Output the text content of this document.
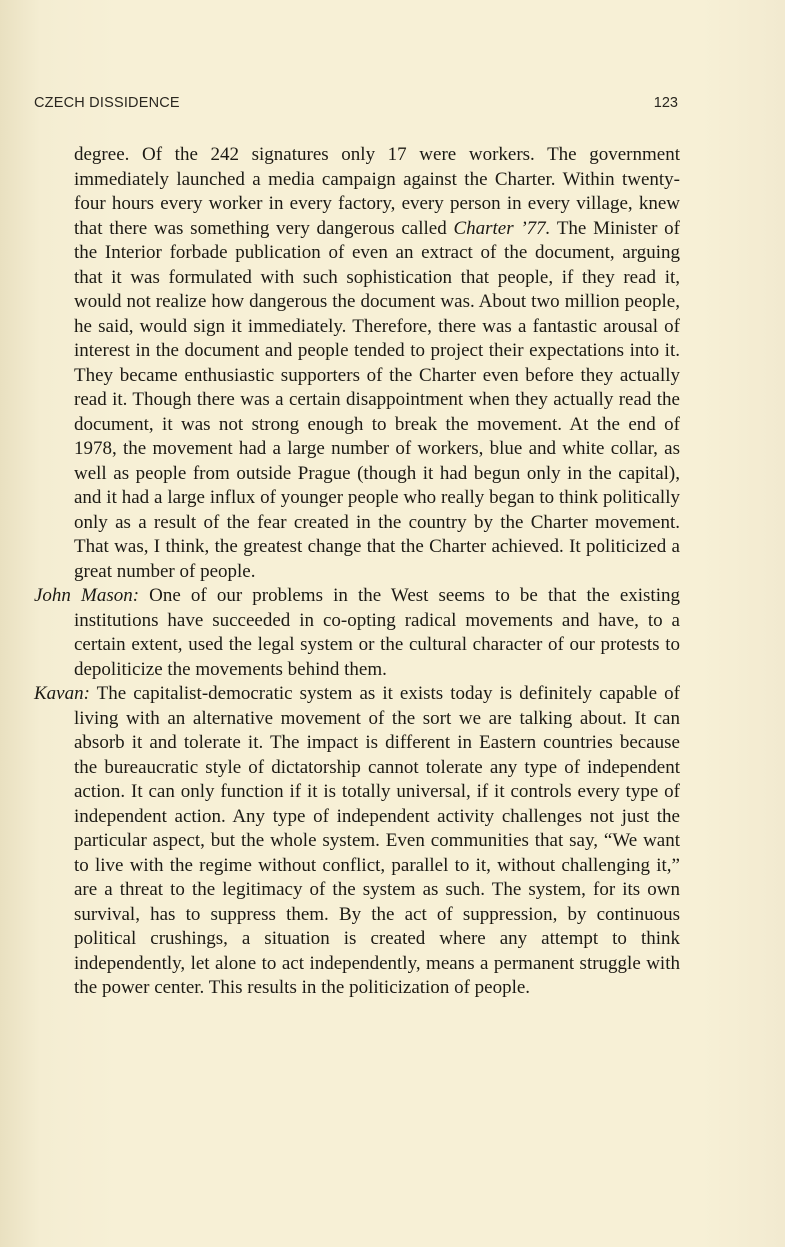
CZECH DISSIDENCE	123

degree. Of the 242 signatures only 17 were workers. The government immediately launched a media campaign against the Charter. Within twenty-four hours every worker in every factory, every person in every village, knew that there was something very dangerous called Charter ’77. The Minister of the Interior forbade publication of even an extract of the document, arguing that it was formulated with such sophistication that people, if they read it, would not realize how dangerous the document was. About two million people, he said, would sign it immediately. Therefore, there was a fantastic arousal of interest in the document and people tended to project their expectations into it. They became enthusiastic supporters of the Charter even before they actually read it. Though there was a certain disappointment when they actually read the document, it was not strong enough to break the movement. At the end of 1978, the movement had a large number of workers, blue and white collar, as well as people from outside Prague (though it had begun only in the capital), and it had a large influx of younger people who really began to think politically only as a result of the fear created in the country by the Charter movement. That was, I think, the greatest change that the Charter achieved. It politicized a great number of people.

John Mason: One of our problems in the West seems to be that the existing institutions have succeeded in co-opting radical movements and have, to a certain extent, used the legal system or the cultural character of our protests to depoliticize the movements behind them.

Kavan: The capitalist-democratic system as it exists today is definitely capable of living with an alternative movement of the sort we are talking about. It can absorb it and tolerate it. The impact is different in Eastern countries because the bureaucratic style of dictatorship cannot tolerate any type of independent action. It can only function if it is totally universal, if it controls every type of independent action. Any type of independent activity challenges not just the particular aspect, but the whole system. Even communities that say, “We want to live with the regime without conflict, parallel to it, without challenging it,” are a threat to the legitimacy of the system as such. The system, for its own survival, has to suppress them. By the act of suppression, by continuous political crushings, a situation is created where any attempt to think independently, let alone to act independently, means a permanent struggle with the power center. This results in the politicization of people.
